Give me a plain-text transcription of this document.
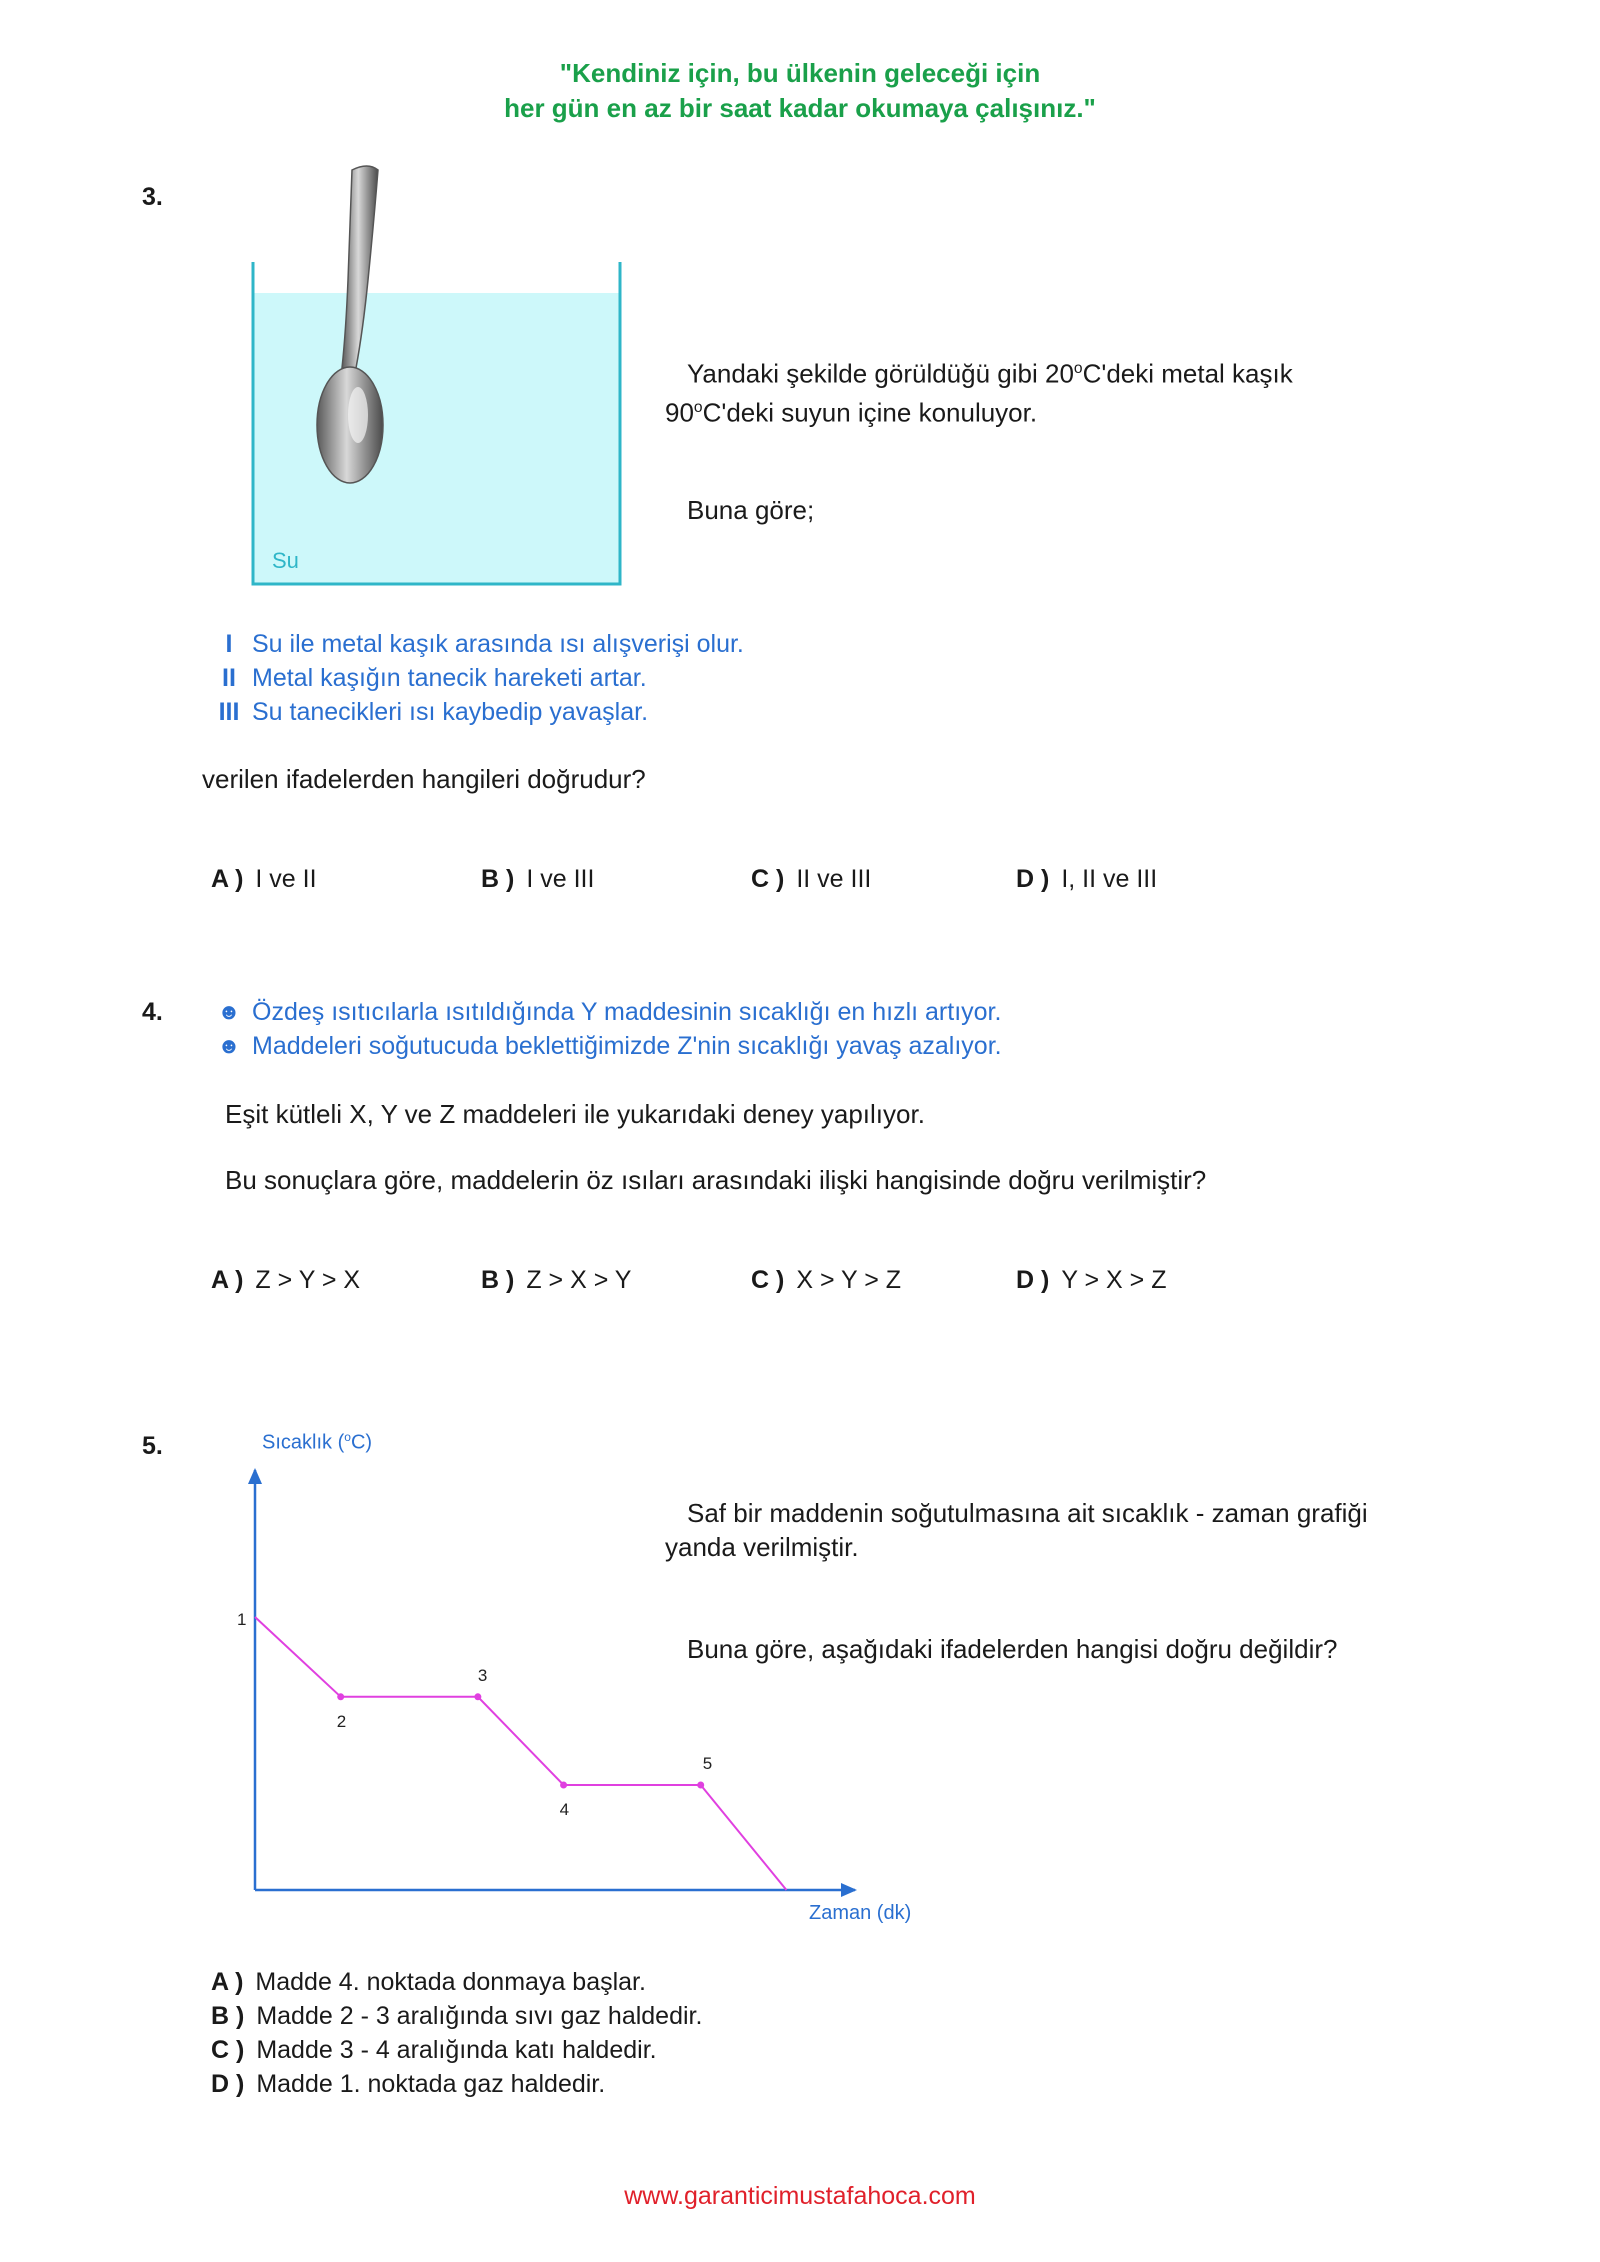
"Kendiniz için, bu ülkenin geleceği için
her gün en az bir saat kadar okumaya çalışınız."
3.
Su
Yandaki şekilde görüldüğü gibi 20$^o$C'deki metal kaşık
90$^o$C'deki suyun içine konuluyor.
Buna göre;
I Su ile metal kaşık arasında ısı alışverişi olur.
II Metal kaşığın tanecik hareketi artar.
III Su tanecikleri ısı kaybedip yavaşlar.
verilen ifadelerden hangileri doğrudur?
A ) I ve II	B ) I ve III	C ) II ve III	D ) I, II ve III
4.	☻ Özdeş ısıtıcılarla ısıtıldığında Y maddesinin sıcaklığı en hızlı artıyor.
☻ Maddeleri soğutucuda beklettiğimizde Z'nin sıcaklığı yavaş azalıyor.
Eşit kütleli X, Y ve Z maddeleri ile yukarıdaki deney yapılıyor.
Bu sonuçlara göre, maddelerin öz ısıları arasındaki ilişki hangisinde doğru verilmiştir?
A ) Z > Y > X	B ) Z > X > Y	C ) X > Y > Z	D ) Y > X > Z
5.	Sıcaklık ($^o$C)
Zaman (dk)
1
2
3
4
5
Saf bir maddenin soğutulmasına ait sıcaklık - zaman grafiği
yanda verilmiştir.
Buna göre, aşağıdaki ifadelerden hangisi doğru değildir?
A ) Madde 4. noktada donmaya başlar.
B ) Madde 2 - 3 aralığında sıvı gaz haldedir.
C ) Madde 3 - 4 aralığında katı haldedir.
D ) Madde 1. noktada gaz haldedir.
www.garanticimustafahoca.com
